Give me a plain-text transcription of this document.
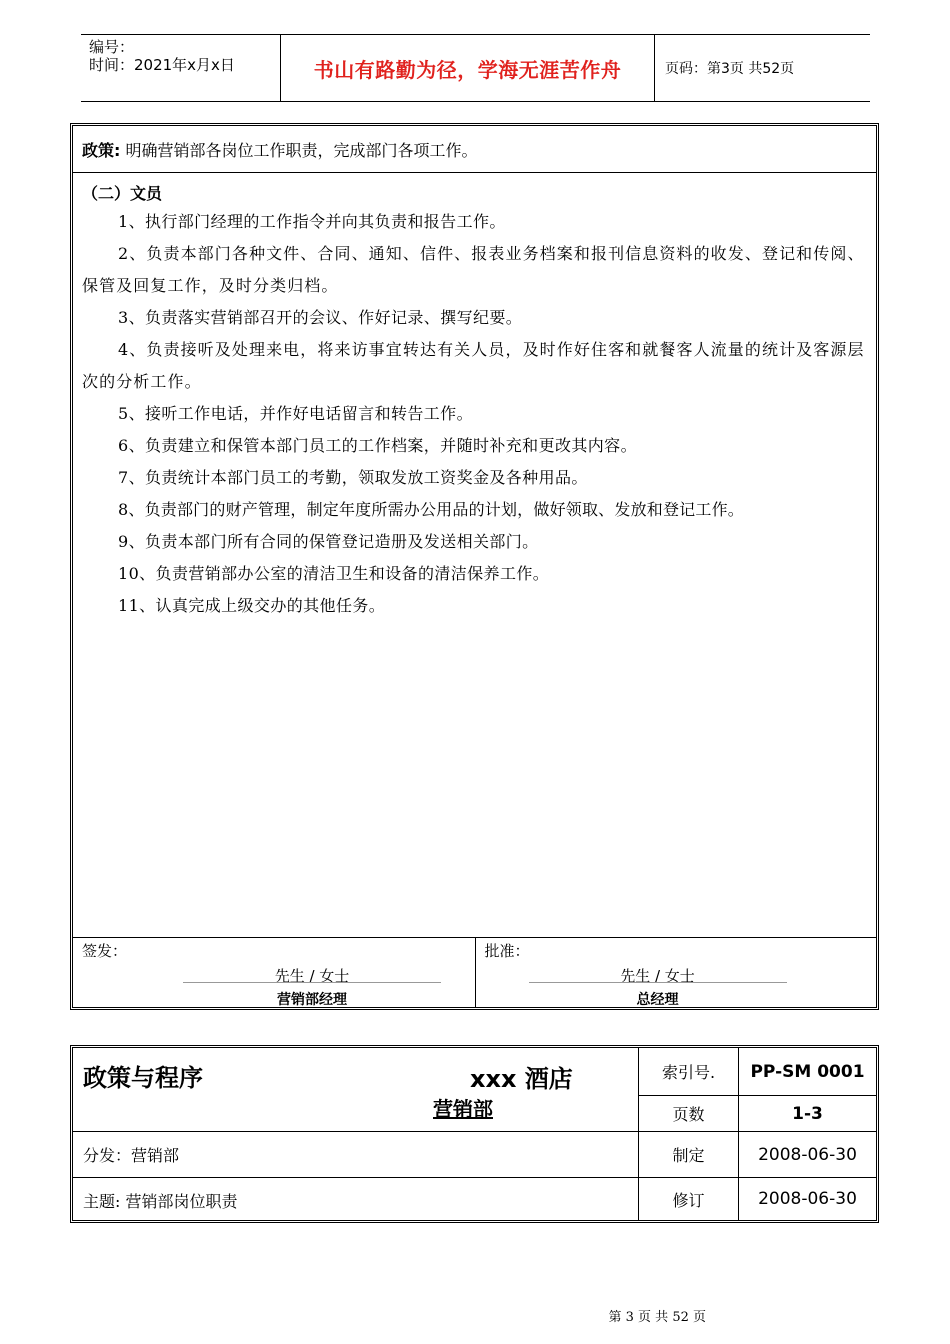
编号：
时间：2021年x月x日	书山有路勤为径，学海无涯苦作舟	页码：第3页 共52页
政策: 明确营销部各岗位工作职责，完成部门各项工作。
（二）文员
1、执行部门经理的工作指令并向其负责和报告工作。
2、负责本部门各种文件、合同、通知、信件、报表业务档案和报刊信息资料的收发、登记和传阅、保管及回复工作，及时分类归档。
3、负责落实营销部召开的会议、作好记录、撰写纪要。
4、负责接听及处理来电，将来访事宜转达有关人员，及时作好住客和就餐客人流量的统计及客源层次的分析工作。
5、接听工作电话，并作好电话留言和转告工作。
6、负责建立和保管本部门员工的工作档案，并随时补充和更改其内容。
7、负责统计本部门员工的考勤，领取发放工资奖金及各种用品。
8、负责部门的财产管理，制定年度所需办公用品的计划，做好领取、发放和登记工作。
9、负责本部门所有合同的保管登记造册及发送相关部门。
10、负责营销部办公室的清洁卫生和设备的清洁保养工作。
11、认真完成上级交办的其他任务。
签发：
先生 / 女士
营销部经理
批准：
先生 / 女士
总经理
政策与程序	xxx 酒店
营销部
索引号.	PP-SM 0001
页数	1-3
分发：营销部	制定	2008-06-30
主题: 营销部岗位职责	修订	2008-06-30
第 3 页 共 52 页
